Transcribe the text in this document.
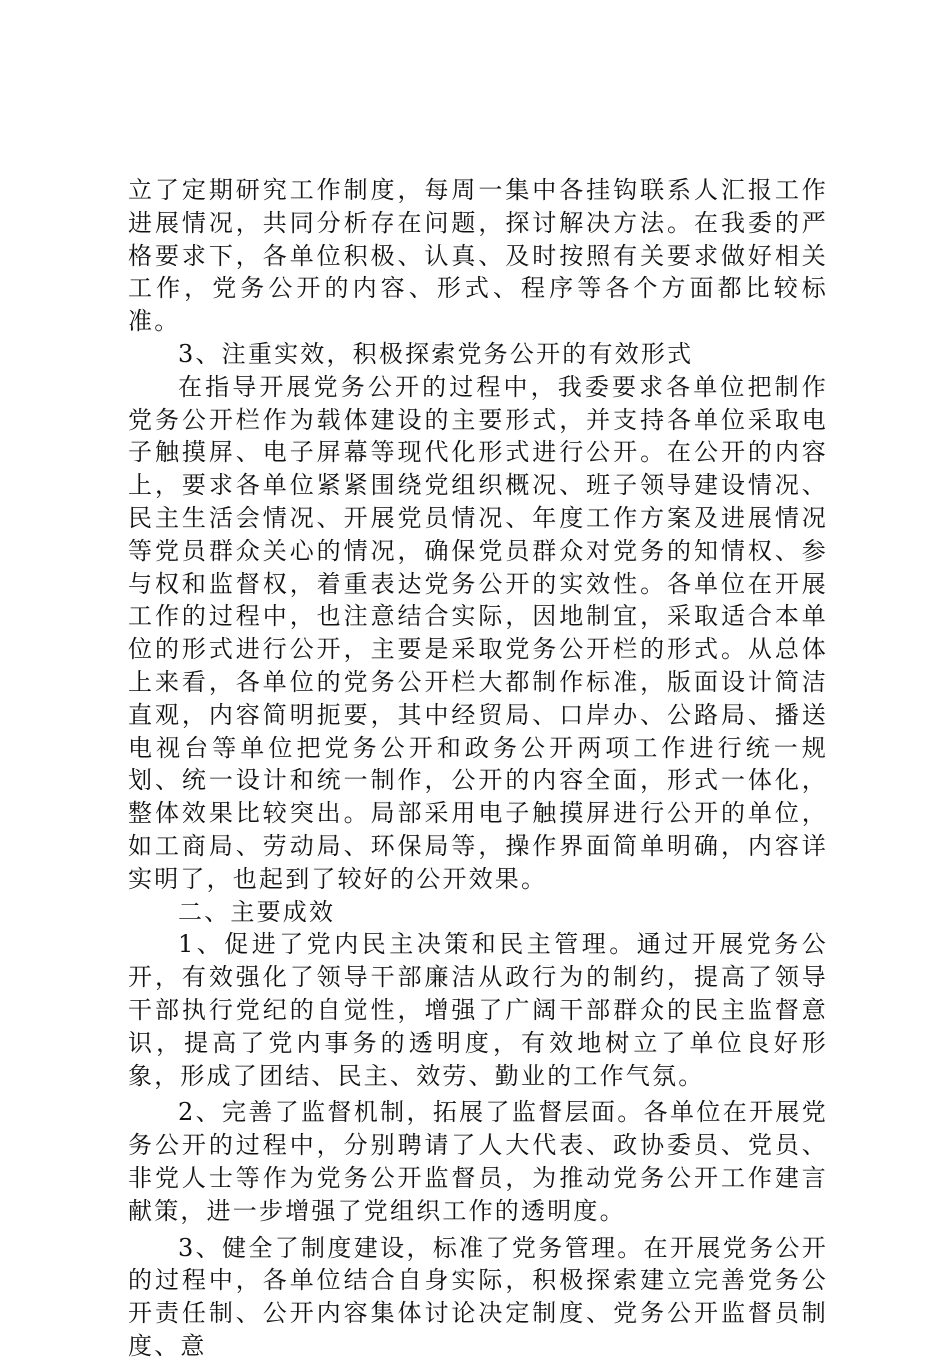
立了定期研究工作制度，每周一集中各挂钩联系人汇报工作进展情况，共同分析存在问题，探讨解决方法。在我委的严格要求下，各单位积极、认真、及时按照有关要求做好相关工作，党务公开的内容、形式、程序等各个方面都比较标准。

3、注重实效，积极探索党务公开的有效形式

在指导开展党务公开的过程中，我委要求各单位把制作党务公开栏作为载体建设的主要形式，并支持各单位采取电子触摸屏、电子屏幕等现代化形式进行公开。在公开的内容上，要求各单位紧紧围绕党组织概况、班子领导建设情况、民主生活会情况、开展党员情况、年度工作方案及进展情况等党员群众关心的情况，确保党员群众对党务的知情权、参与权和监督权，着重表达党务公开的实效性。各单位在开展工作的过程中，也注意结合实际，因地制宜，采取适合本单位的形式进行公开，主要是采取党务公开栏的形式。从总体上来看，各单位的党务公开栏大都制作标准，版面设计简洁直观，内容简明扼要，其中经贸局、口岸办、公路局、播送电视台等单位把党务公开和政务公开两项工作进行统一规划、统一设计和统一制作，公开的内容全面，形式一体化，整体效果比较突出。局部采用电子触摸屏进行公开的单位，如工商局、劳动局、环保局等，操作界面简单明确，内容详实明了，也起到了较好的公开效果。

二、主要成效

1、促进了党内民主决策和民主管理。通过开展党务公开，有效强化了领导干部廉洁从政行为的制约，提高了领导干部执行党纪的自觉性，增强了广阔干部群众的民主监督意识，提高了党内事务的透明度，有效地树立了单位良好形象，形成了团结、民主、效劳、勤业的工作气氛。

2、完善了监督机制，拓展了监督层面。各单位在开展党务公开的过程中，分别聘请了人大代表、政协委员、党员、非党人士等作为党务公开监督员，为推动党务公开工作建言献策，进一步增强了党组织工作的透明度。

3、健全了制度建设，标准了党务管理。在开展党务公开的过程中，各单位结合自身实际，积极探索建立完善党务公开责任制、公开内容集体讨论决定制度、党务公开监督员制度、意
